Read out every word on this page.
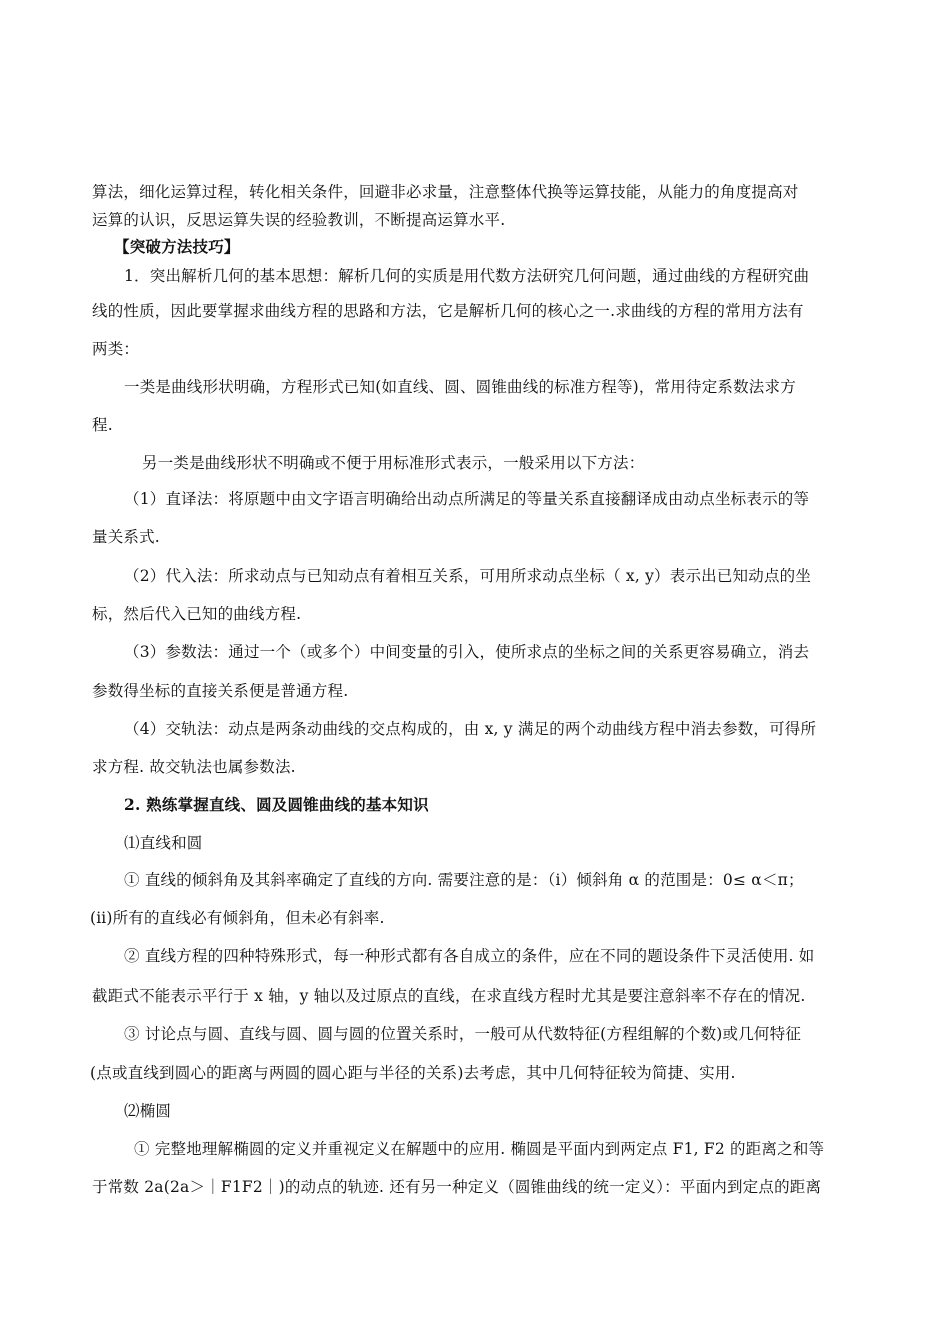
算法，细化运算过程，转化相关条件，回避非必求量，注意整体代换等运算技能，从能力的角度提高对
运算的认识，反思运算失误的经验教训，不断提高运算水平.
【突破方法技巧】
1．突出解析几何的基本思想：解析几何的实质是用代数方法研究几何问题，通过曲线的方程研究曲
线的性质，因此要掌握求曲线方程的思路和方法，它是解析几何的核心之一.求曲线的方程的常用方法有
两类：
一类是曲线形状明确，方程形式已知(如直线、圆、圆锥曲线的标准方程等)，常用待定系数法求方
程.
另一类是曲线形状不明确或不便于用标准形式表示，一般采用以下方法：
（1）直译法：将原题中由文字语言明确给出动点所满足的等量关系直接翻译成由动点坐标表示的等
量关系式.
（2）代入法：所求动点与已知动点有着相互关系，可用所求动点坐标（ x, y）表示出已知动点的坐
标，然后代入已知的曲线方程.
（3）参数法：通过一个（或多个）中间变量的引入，使所求点的坐标之间的关系更容易确立，消去
参数得坐标的直接关系便是普通方程.
（4）交轨法：动点是两条动曲线的交点构成的，由 x, y 满足的两个动曲线方程中消去参数，可得所
求方程. 故交轨法也属参数法.
2. 熟练掌握直线、圆及圆锥曲线的基本知识
⑴直线和圆
① 直线的倾斜角及其斜率确定了直线的方向. 需要注意的是：（ⅰ）倾斜角 α 的范围是：0≤ α＜π；
(ⅱ)所有的直线必有倾斜角，但未必有斜率.
② 直线方程的四种特殊形式，每一种形式都有各自成立的条件，应在不同的题设条件下灵活使用. 如
截距式不能表示平行于 x 轴，y 轴以及过原点的直线，在求直线方程时尤其是要注意斜率不存在的情况.
③ 讨论点与圆、直线与圆、圆与圆的位置关系时，一般可从代数特征(方程组解的个数)或几何特征
(点或直线到圆心的距离与两圆的圆心距与半径的关系)去考虑，其中几何特征较为简捷、实用.
⑵椭圆
① 完整地理解椭圆的定义并重视定义在解题中的应用. 椭圆是平面内到两定点 F1, F2 的距离之和等
于常数 2a(2a＞｜F1F2｜)的动点的轨迹. 还有另一种定义（圆锥曲线的统一定义）：平面内到定点的距离
